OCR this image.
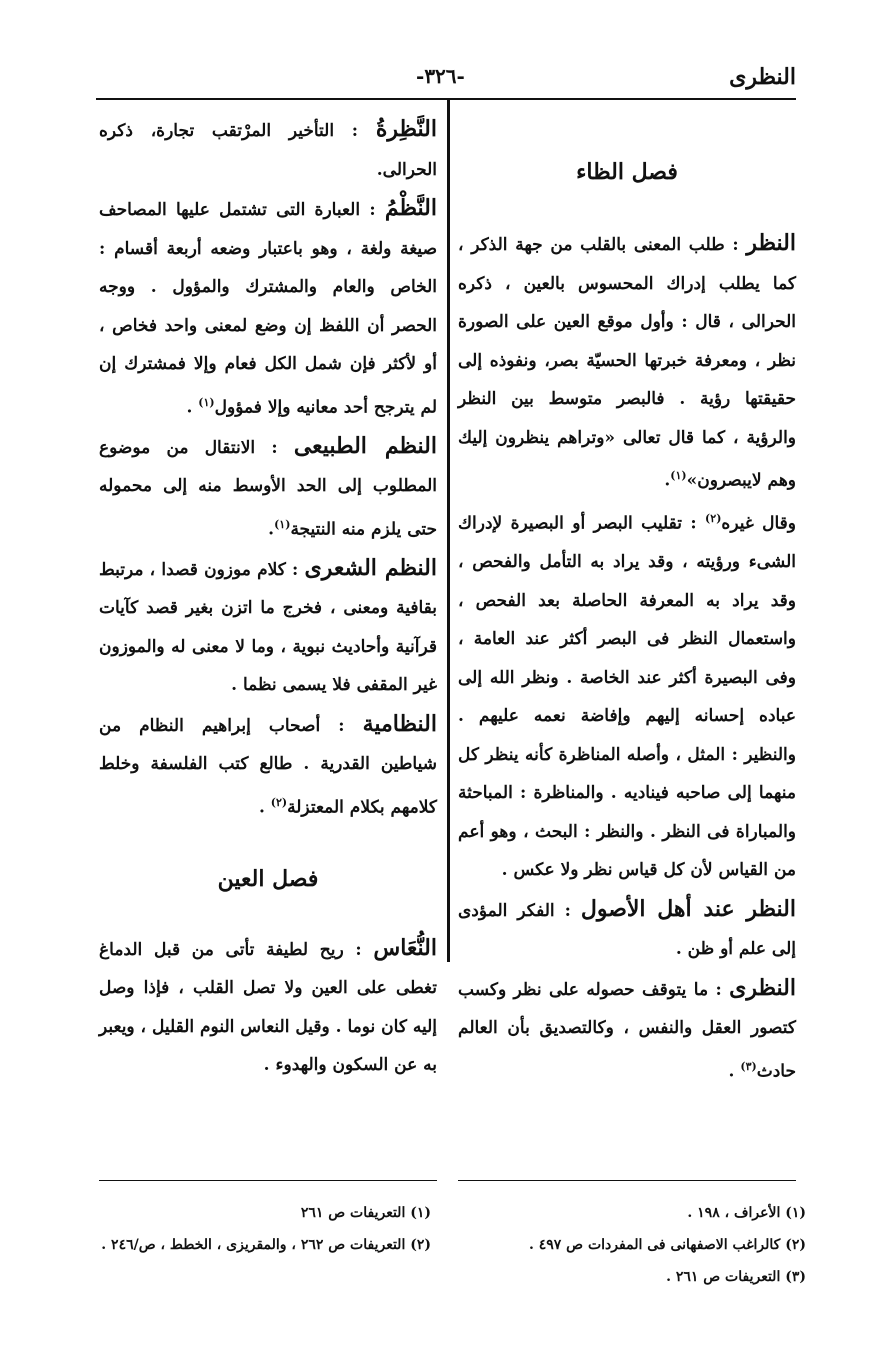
النظرى
-٣٢٦-

فصل الظاء

النظر : طلب المعنى بالقلب من جهة الذكر ، كما يطلب إدراك المحسوس بالعين ، ذكره الحرالى ، قال : وأول موقع العين على الصورة نظر ، ومعرفة خبرتها الحسيّة بصر، ونفوذه إلى حقيقتها رؤية . فالبصر متوسط بين النظر والرؤية ، كما قال تعالى «وتراهم ينظرون إليك وهم لايبصرون»$^{(١)}$.

وقال غيره$^{(٢)}$ : تقليب البصر أو البصيرة لإدراك الشىء ورؤيته ، وقد يراد به التأمل والفحص ، وقد يراد به المعرفة الحاصلة بعد الفحص ، واستعمال النظر فى البصر أكثر عند العامة ، وفى البصيرة أكثر عند الخاصة . ونظر الله إلى عباده إحسانه إليهم وإفاضة نعمه عليهم . والنظير : المثل ، وأصله المناظرة كأنه ينظر كل منهما إلى صاحبه فيناديه . والمناظرة : المباحثة والمباراة فى النظر . والنظر : البحث ، وهو أعم من القياس لأن كل قياس نظر ولا عكس .

النظر عند أهل الأصول : الفكر المؤدى إلى علم أو ظن .

النظرى : ما يتوقف حصوله على نظر وكسب كتصور العقل والنفس ، وكالتصديق بأن العالم حادث$^{(٣)}$ .

النَّظِرةُ : التأخير المرْتقب تجارة، ذكره الحرالى.

النَّظْمُ : العبارة التى تشتمل عليها المصاحف صيغة ولغة ، وهو باعتبار وضعه أربعة أقسام : الخاص والعام والمشترك والمؤول . ووجه الحصر أن اللفظ إن وضع لمعنى واحد فخاص ، أو لأكثر فإن شمل الكل فعام وإلا فمشترك إن لم يترجح أحد معانيه وإلا فمؤول$^{(١)}$ .

النظم الطبيعى : الانتقال من موضوع المطلوب إلى الحد الأوسط منه إلى محموله حتى يلزم منه النتيجة$^{(١)}$.

النظم الشعرى : كلام موزون قصدا ، مرتبط بقافية ومعنى ، فخرج ما اتزن بغير قصد كآيات قرآنية وأحاديث نبوية ، وما لا معنى له والموزون غير المقفى فلا يسمى نظما .

النظامية : أصحاب إبراهيم النظام من شياطين القدرية . طالع كتب الفلسفة وخلط كلامهم بكلام المعتزلة$^{(٢)}$ .

فصل العين

النُّعَاس : ريح لطيفة تأتى من قبل الدماغ تغطى على العين ولا تصل القلب ، فإذا وصل إليه كان نوما . وقيل النعاس النوم القليل ، ويعبر به عن السكون والهدوء .

(١) الأعراف ، ١٩٨ .

(٢) كالراغب الاصفهانى فى المفردات ص ٤٩٧ .

(٣) التعريفات ص ٢٦١ .

(١) التعريفات ص ٢٦١

(٢) التعريفات ص ٢٦٢ ، والمقريزى ، الخطط ، ص/٢٤٦ .
